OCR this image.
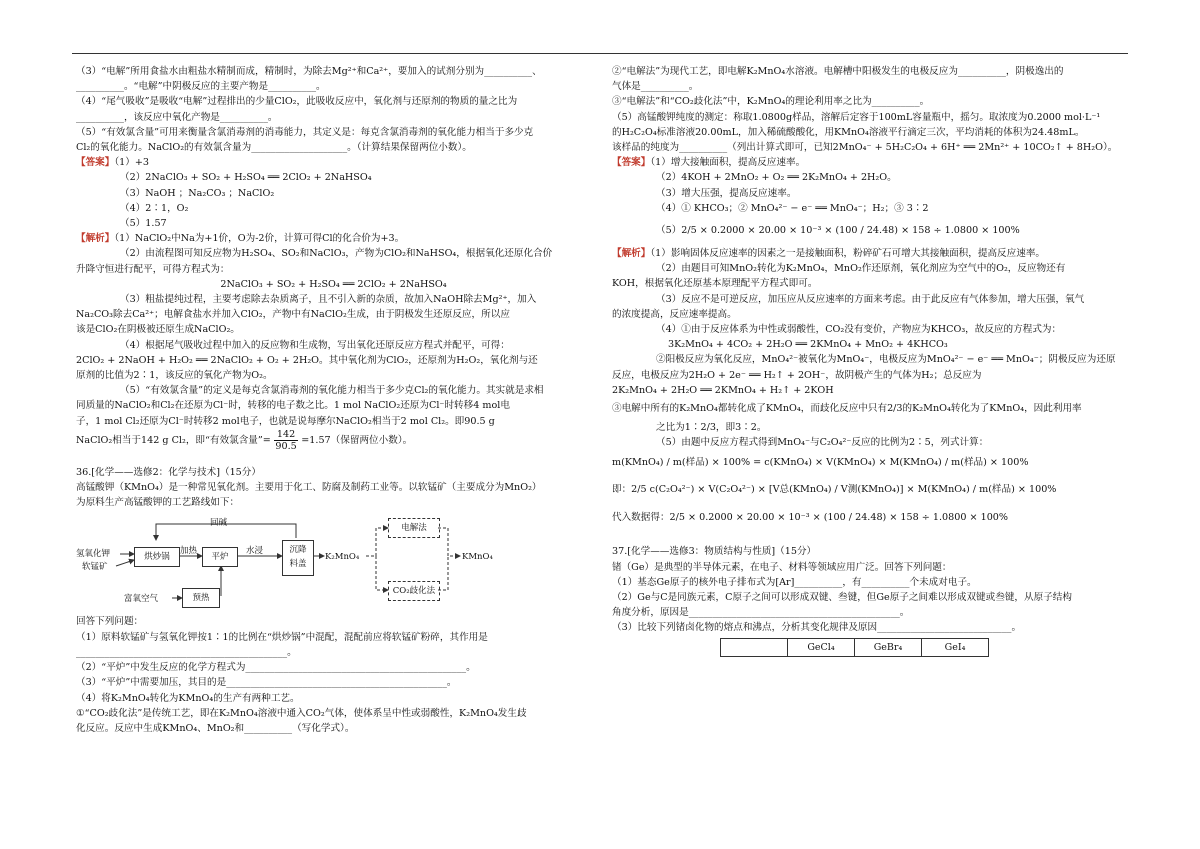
（3）“电解”所用食盐水由粗盐水精制而成，精制时，为除去Mg²⁺和Ca²⁺，要加入的试剂分别为__________、
__________。“电解”中阴极反应的主要产物是__________。
（4）“尾气吸收”是吸收“电解”过程排出的少量ClO₂，此吸收反应中，氧化剂与还原剂的物质的量之比为
__________，该反应中氧化产物是__________。
（5）“有效氯含量”可用来衡量含氯消毒剂的消毒能力，其定义是：每克含氯消毒剂的氧化能力相当于多少克
Cl₂的氧化能力。NaClO₂的有效氯含量为____________________。（计算结果保留两位小数）。
【答案】（1）+3
（2）2NaClO₃ + SO₂ + H₂SO₄ ══ 2ClO₂ + 2NaHSO₄
（3）NaOH ；Na₂CO₃ ；NaClO₂
（4）2∶1，O₂
（5）1.57
【解析】（1）NaClO₂中Na为+1价，O为-2价，计算可得Cl的化合价为+3。
（2）由流程图可知反应物为H₂SO₄、SO₂和NaClO₃，产物为ClO₂和NaHSO₄，根据氧化还原化合价
升降守恒进行配平，可得方程式为：
2NaClO₃ + SO₂ + H₂SO₄ ══ 2ClO₂ + 2NaHSO₄
（3）粗盐提纯过程，主要考虑除去杂质离子，且不引入新的杂质，故加入NaOH除去Mg²⁺，加入
Na₂CO₃除去Ca²⁺；电解食盐水并加入ClO₂，产物中有NaClO₂生成，由于阴极发生还原反应，所以应
该是ClO₂在阴极被还原生成NaClO₂。
（4）根据尾气吸收过程中加入的反应物和生成物，写出氧化还原反应方程式并配平，可得：
2ClO₂ + 2NaOH + H₂O₂ ══ 2NaClO₂ + O₂ + 2H₂O。其中氧化剂为ClO₂，还原剂为H₂O₂，氧化剂与还
原剂的比值为2∶1，该反应的氧化产物为O₂。
（5）“有效氯含量”的定义是每克含氯消毒剂的氧化能力相当于多少克Cl₂的氧化能力。其实就是求相
同质量的NaClO₂和Cl₂在还原为Cl⁻时，转移的电子数之比。1 mol NaClO₂还原为Cl⁻时转移4 mol电
子，1 mol Cl₂还原为Cl⁻时转移2 mol电子，也就是说每摩尔NaClO₂相当于2 mol Cl₂。即90.5 g
NaClO₂相当于142 g Cl₂，即“有效氯含量”= $\frac{142}{90.5} =1.57$（保留两位小数）。
36.[化学——选修2：化学与技术]（15分）
高锰酸钾（KMnO₄）是一种常见氧化剂。主要用于化工、防腐及制药工业等。以软锰矿（主要成分为MnO₂）
为原料生产高锰酸钾的工艺路线如下：
回碱
氢氧化钾
软锰矿
烘炒锅
加热
平炉
水浸	沉降
料盖
K₂MnO₄
富氧空气	预热
电解法
CO₂歧化法
KMnO₄
回答下列问题：
（1）原料软锰矿与氢氧化钾按1∶1的比例在“烘炒锅”中混配，混配前应将软锰矿粉碎，其作用是
____________________________________________。
（2）“平炉”中发生反应的化学方程式为______________________________________________。
（3）“平炉”中需要加压，其目的是______________________________________________。
（4）将K₂MnO₄转化为KMnO₄的生产有两种工艺。
①“CO₂歧化法”是传统工艺，即在K₂MnO₄溶液中通入CO₂气体，使体系呈中性或弱酸性，K₂MnO₄发生歧
化反应。反应中生成KMnO₄、MnO₂和__________（写化学式）。
②“电解法”为现代工艺，即电解K₂MnO₄水溶液。电解槽中阳极发生的电极反应为__________，阴极逸出的
气体是__________。
③“电解法”和“CO₂歧化法”中，K₂MnO₄的理论利用率之比为__________。
（5）高锰酸钾纯度的测定：称取1.0800g样品，溶解后定容于100mL容量瓶中，摇匀。取浓度为0.2000 mol·L⁻¹
的H₂C₂O₄标准溶液20.00mL，加入稀硫酸酸化，用KMnO₄溶液平行滴定三次，平均消耗的体积为24.48mL。
该样品的纯度为__________（列出计算式即可，已知2MnO₄⁻ + 5H₂C₂O₄ + 6H⁺ ══ 2Mn²⁺ + 10CO₂↑ + 8H₂O）。
【答案】（1）增大接触面积，提高反应速率。
（2）4KOH + 2MnO₂ + O₂ ══ 2K₂MnO₄ + 2H₂O。
（3）增大压强，提高反应速率。
（4）① KHCO₃；② MnO₄²⁻ − e⁻ ══ MnO₄⁻；H₂；③ 3∶2
（5）2/5 × 0.2000 × 20.00 × 10⁻³ × (100 / 24.48) × 158 ÷ 1.0800 × 100%
【解析】（1）影响固体反应速率的因素之一是接触面积，粉碎矿石可增大其接触面积，提高反应速率。
（2）由题目可知MnO₂转化为K₂MnO₄，MnO₂作还原剂，氧化剂应为空气中的O₂，反应物还有
KOH，根据氧化还原基本原理配平方程式即可。
（3）反应不是可逆反应，加压应从反应速率的方面来考虑。由于此反应有气体参加，增大压强，氧气
的浓度提高，反应速率提高。
（4）①由于反应体系为中性或弱酸性，CO₂没有变价，产物应为KHCO₃，故反应的方程式为：
3K₂MnO₄ + 4CO₂ + 2H₂O ══ 2KMnO₄ + MnO₂ + 4KHCO₃
②阳极反应为氧化反应，MnO₄²⁻被氧化为MnO₄⁻，电极反应为MnO₄²⁻ − e⁻ ══ MnO₄⁻；阴极反应为还原
反应，电极反应为2H₂O + 2e⁻ ══ H₂↑ + 2OH⁻，故阴极产生的气体为H₂；总反应为
2K₂MnO₄ + 2H₂O ══ 2KMnO₄ + H₂↑ + 2KOH
③电解中所有的K₂MnO₄都转化成了KMnO₄，而歧化反应中只有2/3的K₂MnO₄转化为了KMnO₄，因此利用率
之比为1∶2/3，即3∶2。
（5）由题中反应方程式得到MnO₄⁻与C₂O₄²⁻反应的比例为2∶5，列式计算：
m(KMnO₄) / m(样品) × 100% = c(KMnO₄) × V(KMnO₄) × M(KMnO₄) / m(样品) × 100%
即：2/5 c(C₂O₄²⁻) × V(C₂O₄²⁻) × [V总(KMnO₄) / V测(KMnO₄)] × M(KMnO₄) / m(样品) × 100%
代入数据得：2/5 × 0.2000 × 20.00 × 10⁻³ × (100 / 24.48) × 158 ÷ 1.0800 × 100%
37.[化学——选修3：物质结构与性质]（15分）
锗（Ge）是典型的半导体元素，在电子、材料等领域应用广泛。回答下列问题：
（1）基态Ge原子的核外电子排布式为[Ar]__________，有__________个未成对电子。
（2）Ge与C是同族元素，C原子之间可以形成双键、叁键，但Ge原子之间难以形成双键或叁键，从原子结构
角度分析，原因是____________________________________________。
（3）比较下列锗卤化物的熔点和沸点，分析其变化规律及原因____________________________。
	GeCl₄	GeBr₄	GeI₄
